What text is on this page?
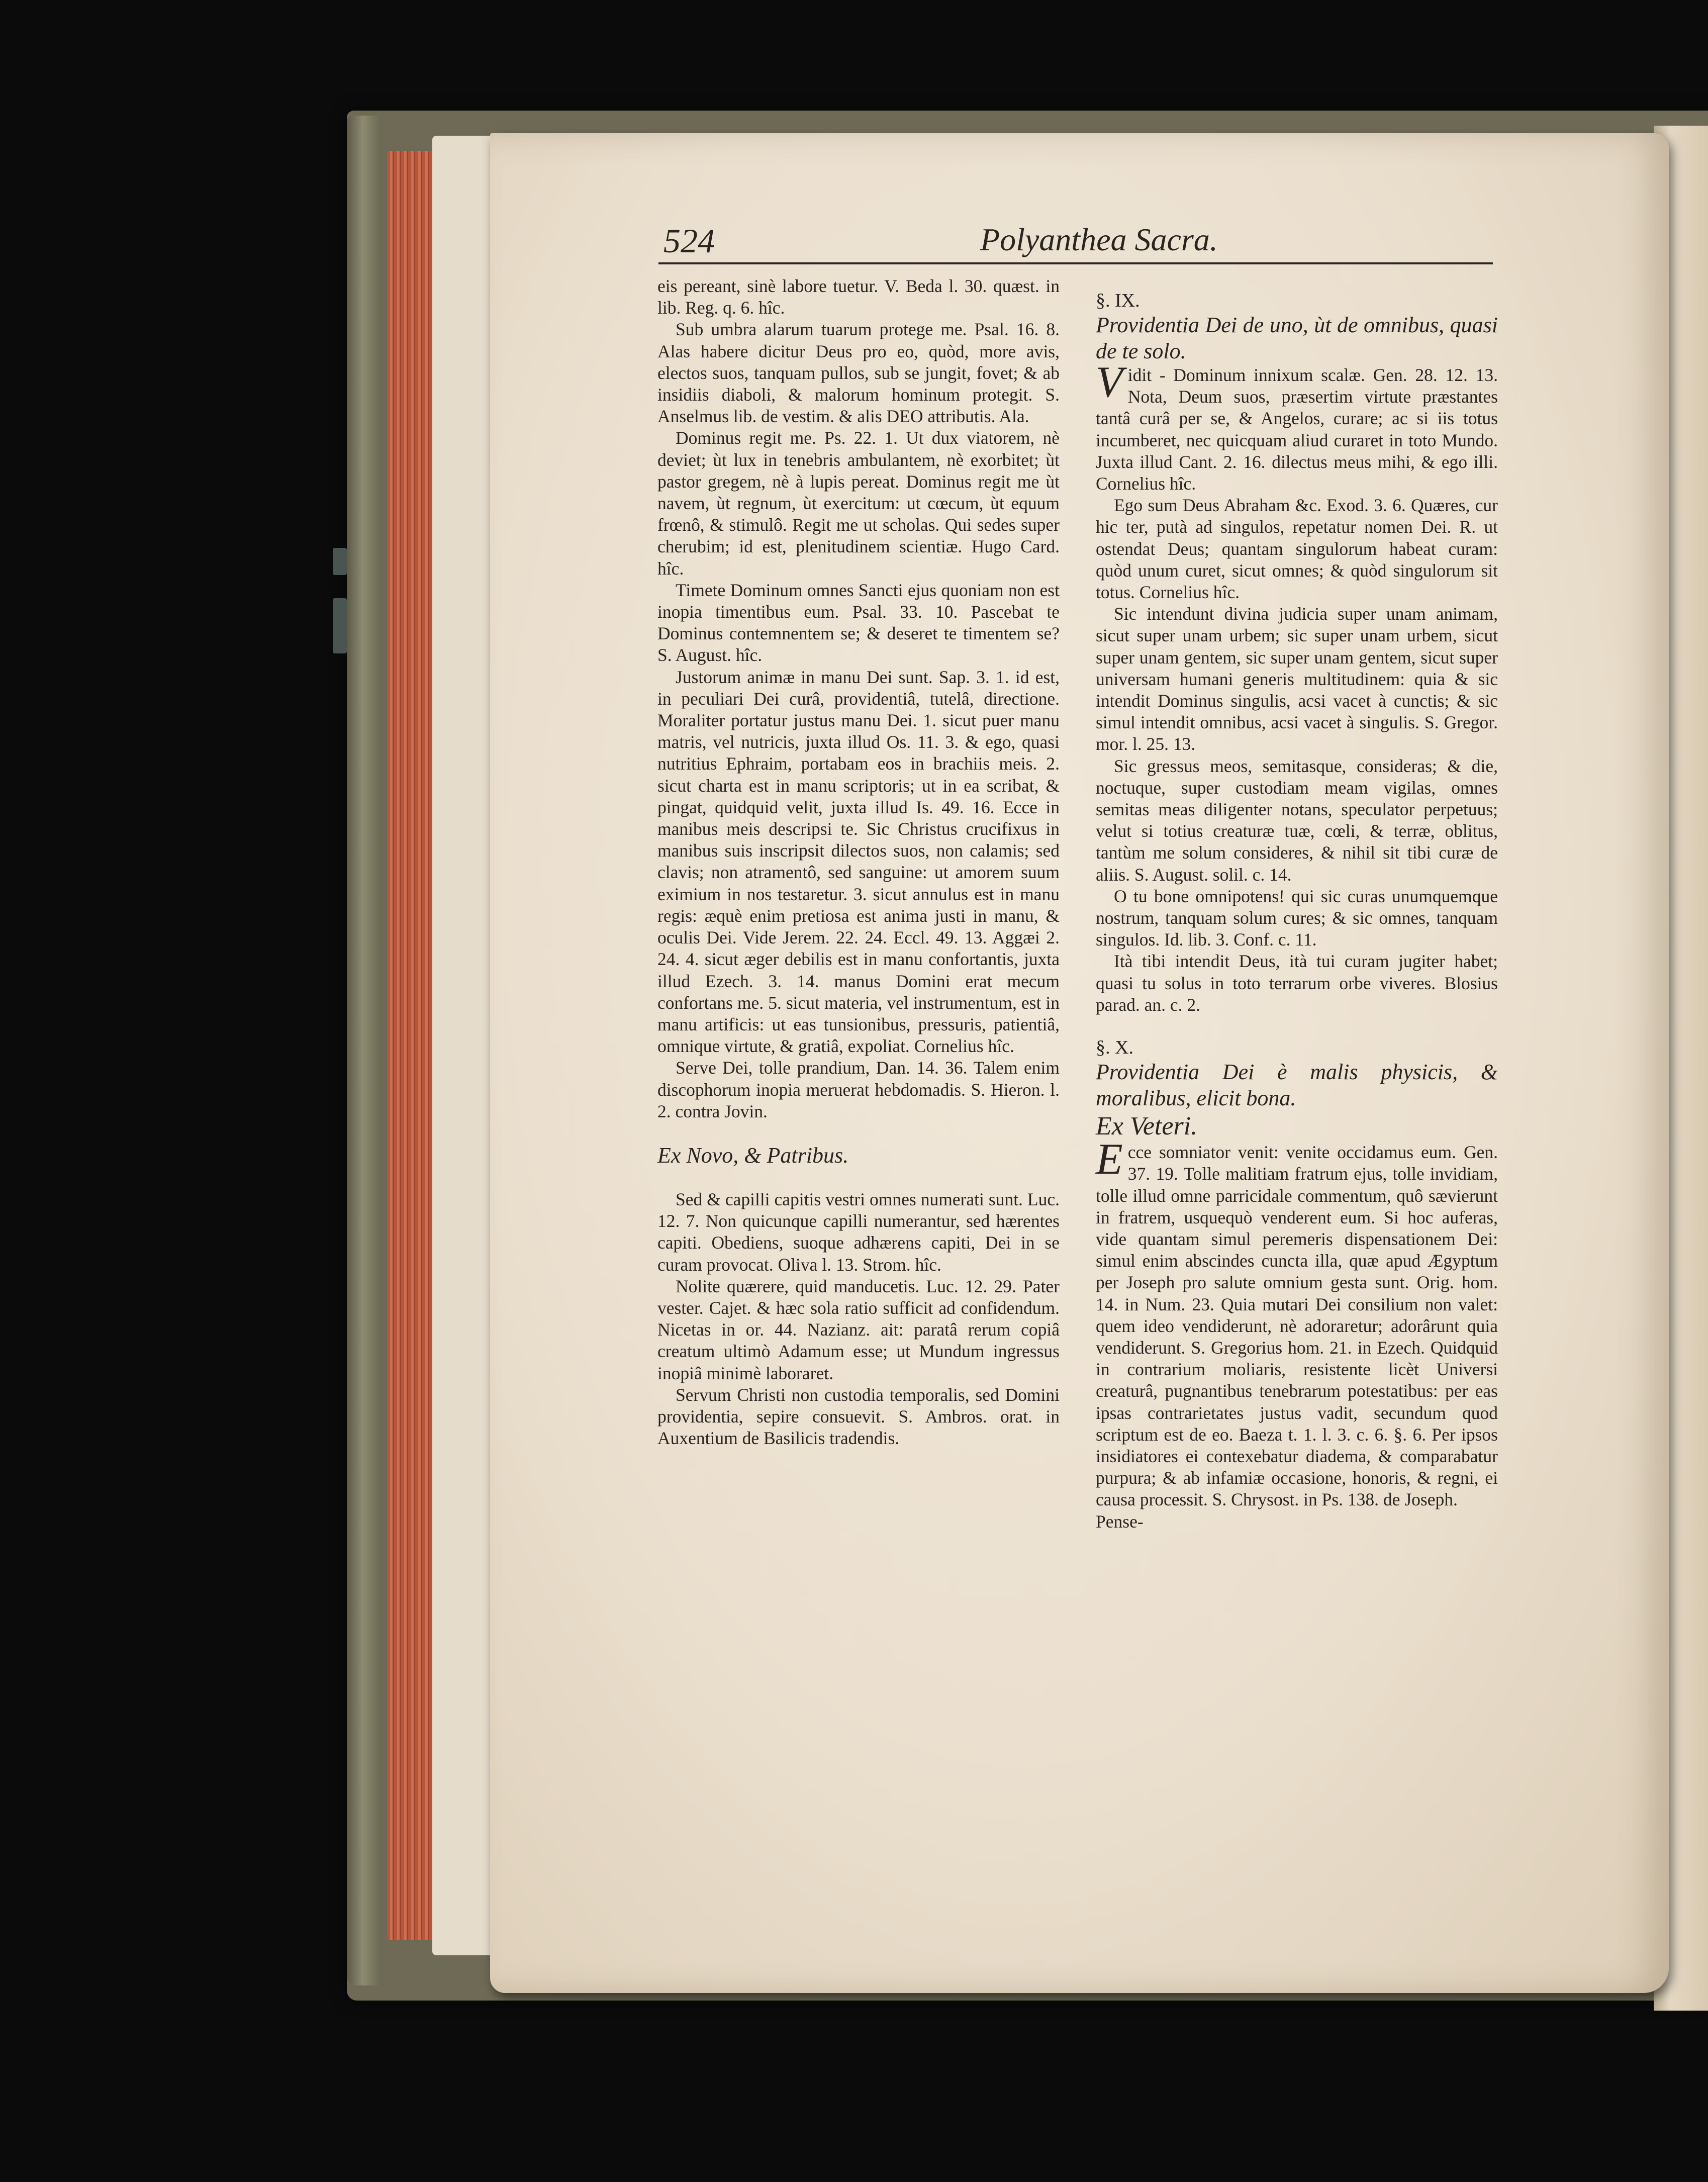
524	Polyanthea Sacra.

eis pereant, sinè labore tuetur. V. Beda l. 30. quæst. in lib. Reg. q. 6. hîc.

Sub umbra alarum tuarum protege me. Psal. 16. 8. Alas habere dicitur Deus pro eo, quòd, more avis, electos suos, tanquam pullos, sub se jungit, fovet; & ab insidiis diaboli, & malorum hominum protegit. S. Anselmus lib. de vestim. & alis DEO attributis. Ala.

Dominus regit me. Ps. 22. 1. Ut dux viatorem, nè deviet; ùt lux in tenebris ambulantem, nè exorbitet; ùt pastor gregem, nè à lupis pereat. Dominus regit me ùt navem, ùt regnum, ùt exercitum: ut cœcum, ùt equum frœnô, & stimulô. Regit me ut scholas. Qui sedes super cherubim; id est, plenitudinem scientiæ. Hugo Card. hîc.

Timete Dominum omnes Sancti ejus quoniam non est inopia timentibus eum. Psal. 33. 10. Pascebat te Dominus contemnentem se; & deseret te timentem se? S. August. hîc.

Justorum animæ in manu Dei sunt. Sap. 3. 1. id est, in peculiari Dei curâ, providentiâ, tutelâ, directione. Moraliter portatur justus manu Dei. 1. sicut puer manu matris, vel nutricis, juxta illud Os. 11. 3. & ego, quasi nutritius Ephraim, portabam eos in brachiis meis. 2. sicut charta est in manu scriptoris; ut in ea scribat, & pingat, quidquid velit, juxta illud Is. 49. 16. Ecce in manibus meis descripsi te. Sic Christus crucifixus in manibus suis inscripsit dilectos suos, non calamis; sed clavis; non atramentô, sed sanguine: ut amorem suum eximium in nos testaretur. 3. sicut annulus est in manu regis: æquè enim pretiosa est anima justi in manu, & oculis Dei. Vide Jerem. 22. 24. Eccl. 49. 13. Aggæi 2. 24. 4. sicut æger debilis est in manu confortantis, juxta illud Ezech. 3. 14. manus Domini erat mecum confortans me. 5. sicut materia, vel instrumentum, est in manu artificis: ut eas tunsionibus, pressuris, patientiâ, omnique virtute, & gratiâ, expoliat. Cornelius hîc.

Serve Dei, tolle prandium, Dan. 14. 36. Talem enim discophorum inopia meruerat hebdomadis. S. Hieron. l. 2. contra Jovin.

Ex Novo, & Patribus.

Sed & capilli capitis vestri omnes numerati sunt. Luc. 12. 7. Non quicunque capilli numerantur, sed hærentes capiti. Obediens, suoque adhærens capiti, Dei in se curam provocat. Oliva l. 13. Strom. hîc.

Nolite quærere, quid manducetis. Luc. 12. 29. Pater vester. Cajet. & hæc sola ratio sufficit ad confidendum. Nicetas in or. 44. Nazianz. ait: paratâ rerum copiâ creatum ultimò Adamum esse; ut Mundum ingressus inopiâ minimè laboraret.

Servum Christi non custodia temporalis, sed Domini providentia, sepire consuevit. S. Ambros. orat. in Auxentium de Basilicis tradendis.

§. IX.

Providentia Dei de uno, ùt de omnibus, quasi de te solo.

Vidit - Dominum innixum scalæ. Gen. 28. 12. 13. Nota, Deum suos, præsertim virtute præstantes tantâ curâ per se, & Angelos, curare; ac si iis totus incumberet, nec quicquam aliud curaret in toto Mundo. Juxta illud Cant. 2. 16. dilectus meus mihi, & ego illi. Cornelius hîc.

Ego sum Deus Abraham &c. Exod. 3. 6. Quæres, cur hic ter, putà ad singulos, repetatur nomen Dei. R. ut ostendat Deus; quantam singulorum habeat curam: quòd unum curet, sicut omnes; & quòd singulorum sit totus. Cornelius hîc.

Sic intendunt divina judicia super unam animam, sicut super unam urbem; sic super unam urbem, sicut super unam gentem, sic super unam gentem, sicut super universam humani generis multitudinem: quia & sic intendit Dominus singulis, acsi vacet à cunctis; & sic simul intendit omnibus, acsi vacet à singulis. S. Gregor. mor. l. 25. 13.

Sic gressus meos, semitasque, consideras; & die, noctuque, super custodiam meam vigilas, omnes semitas meas diligenter notans, speculator perpetuus; velut si totius creaturæ tuæ, cœli, & terræ, oblitus, tantùm me solum consideres, & nihil sit tibi curæ de aliis. S. August. solil. c. 14.

O tu bone omnipotens! qui sic curas unumquemque nostrum, tanquam solum cures; & sic omnes, tanquam singulos. Id. lib. 3. Conf. c. 11.

Ità tibi intendit Deus, ità tui curam jugiter habet; quasi tu solus in toto terrarum orbe viveres. Blosius parad. an. c. 2.

§. X.

Providentia Dei è malis physicis, & moralibus, elicit bona.

Ex Veteri.

Ecce somniator venit: venite occidamus eum. Gen. 37. 19. Tolle malitiam fratrum ejus, tolle invidiam, tolle illud omne parricidale commentum, quô sævierunt in fratrem, usquequò venderent eum. Si hoc auferas, vide quantam simul peremeris dispensationem Dei: simul enim abscindes cuncta illa, quæ apud Ægyptum per Joseph pro salute omnium gesta sunt. Orig. hom. 14. in Num. 23. Quia mutari Dei consilium non valet: quem ideo vendiderunt, nè adoraretur; adorârunt quia vendiderunt. S. Gregorius hom. 21. in Ezech. Quidquid in contrarium moliaris, resistente licèt Universi creaturâ, pugnantibus tenebrarum potestatibus: per eas ipsas contrarietates justus vadit, secundum quod scriptum est de eo. Baeza t. 1. l. 3. c. 6. §. 6. Per ipsos insidiatores ei contexebatur diadema, & comparabatur purpura; & ab infamiæ occasione, honoris, & regni, ei causa processit. S. Chrysost. in Ps. 138. de Joseph.

Pense-
